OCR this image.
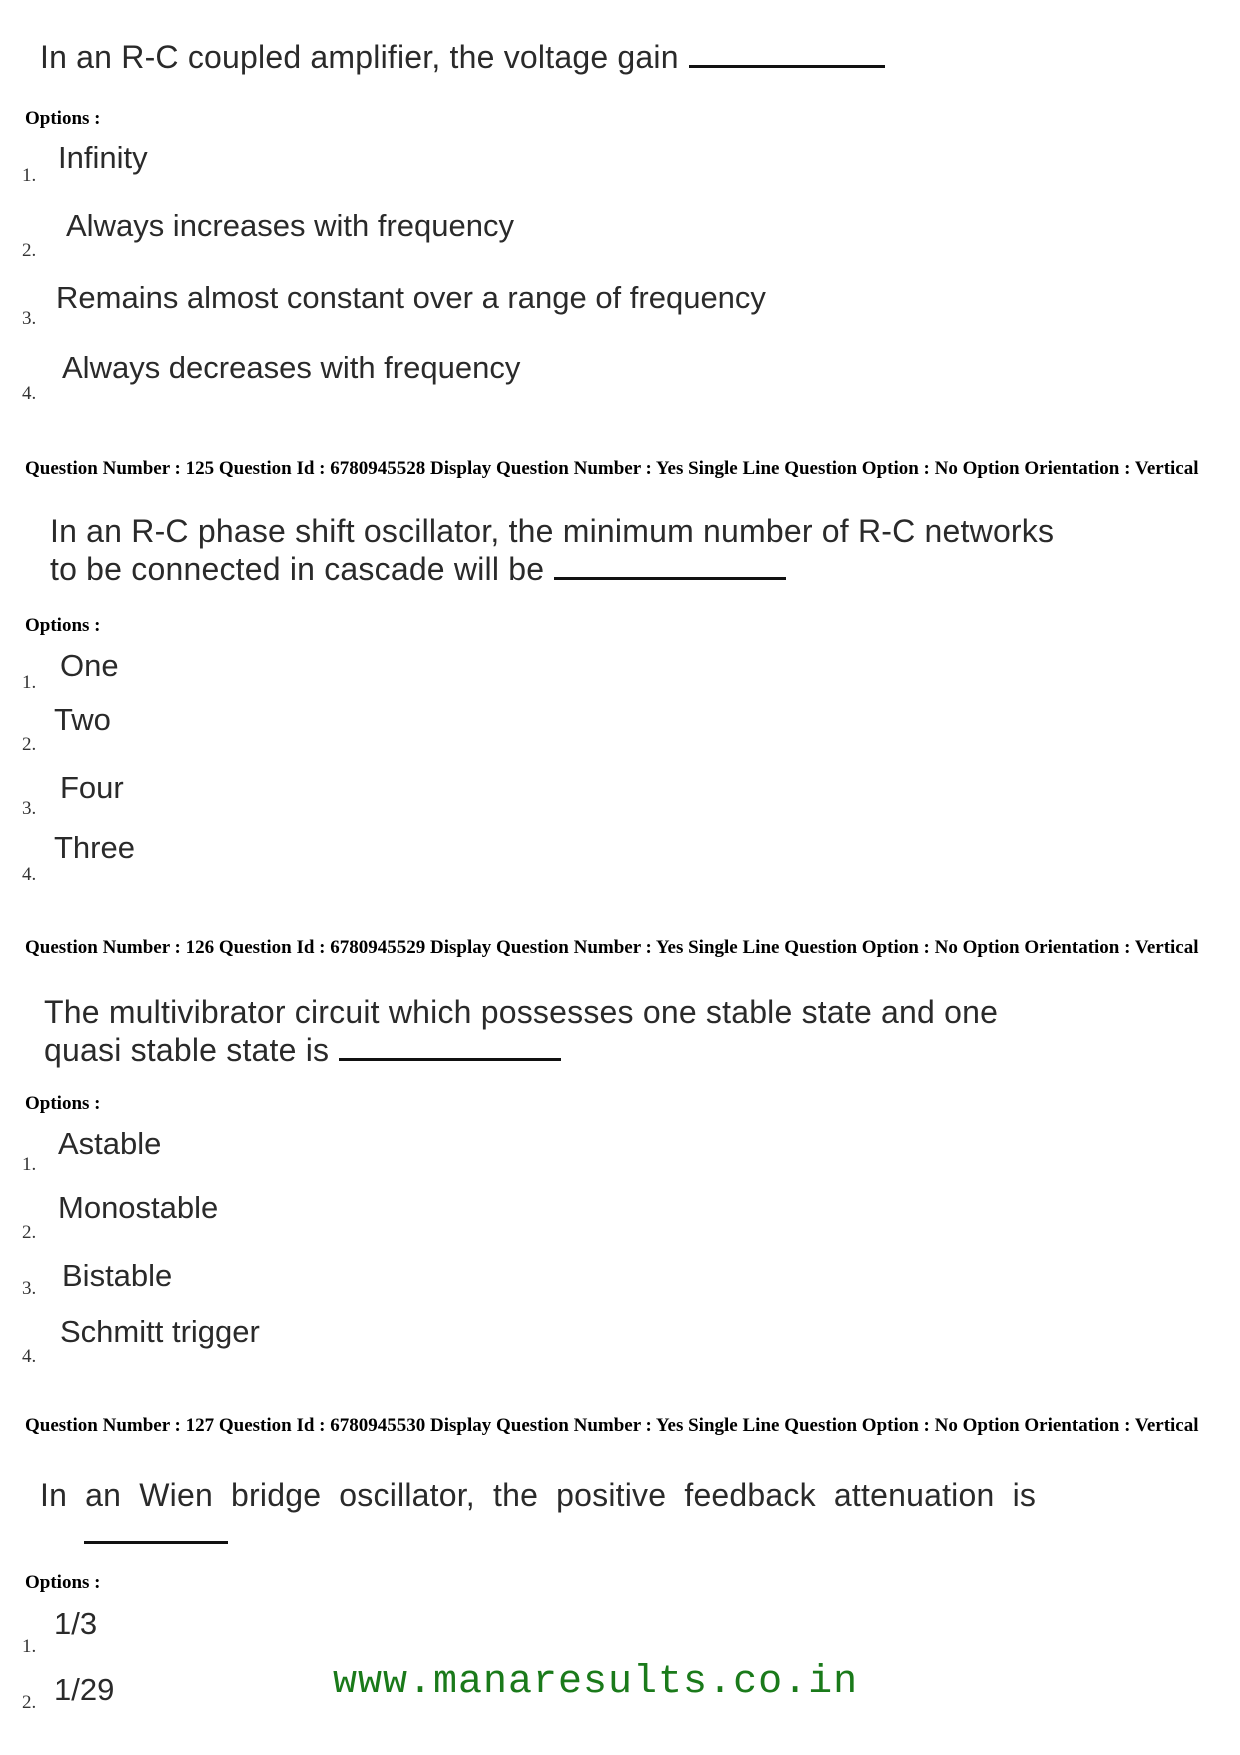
In an R-C coupled amplifier, the voltage gain
Options :
1.
Infinity
2.
Always increases with frequency
3.
Remains almost constant over a range of frequency
4.
Always decreases with frequency
Question Number : 125 Question Id : 6780945528 Display Question Number : Yes Single Line Question Option : No Option Orientation : Vertical
In an R-C phase shift oscillator, the minimum number of R-C networks
to be connected in cascade will be
Options :
1. One
2.
Two
3.
Four
4.
Three
Question Number : 126 Question Id : 6780945529 Display Question Number : Yes Single Line Question Option : No Option Orientation : Vertical
The multivibrator circuit which possesses one stable state and one
quasi stable state is
Options :
1.
Astable
2.
Monostable
3. Bistable
4.
Schmitt trigger
Question Number : 127 Question Id : 6780945530 Display Question Number : Yes Single Line Question Option : No Option Orientation : Vertical
In an Wien bridge oscillator, the positive feedback attenuation is
Options :
1.
1/3
2. 1/29	www.manaresults.co.in
